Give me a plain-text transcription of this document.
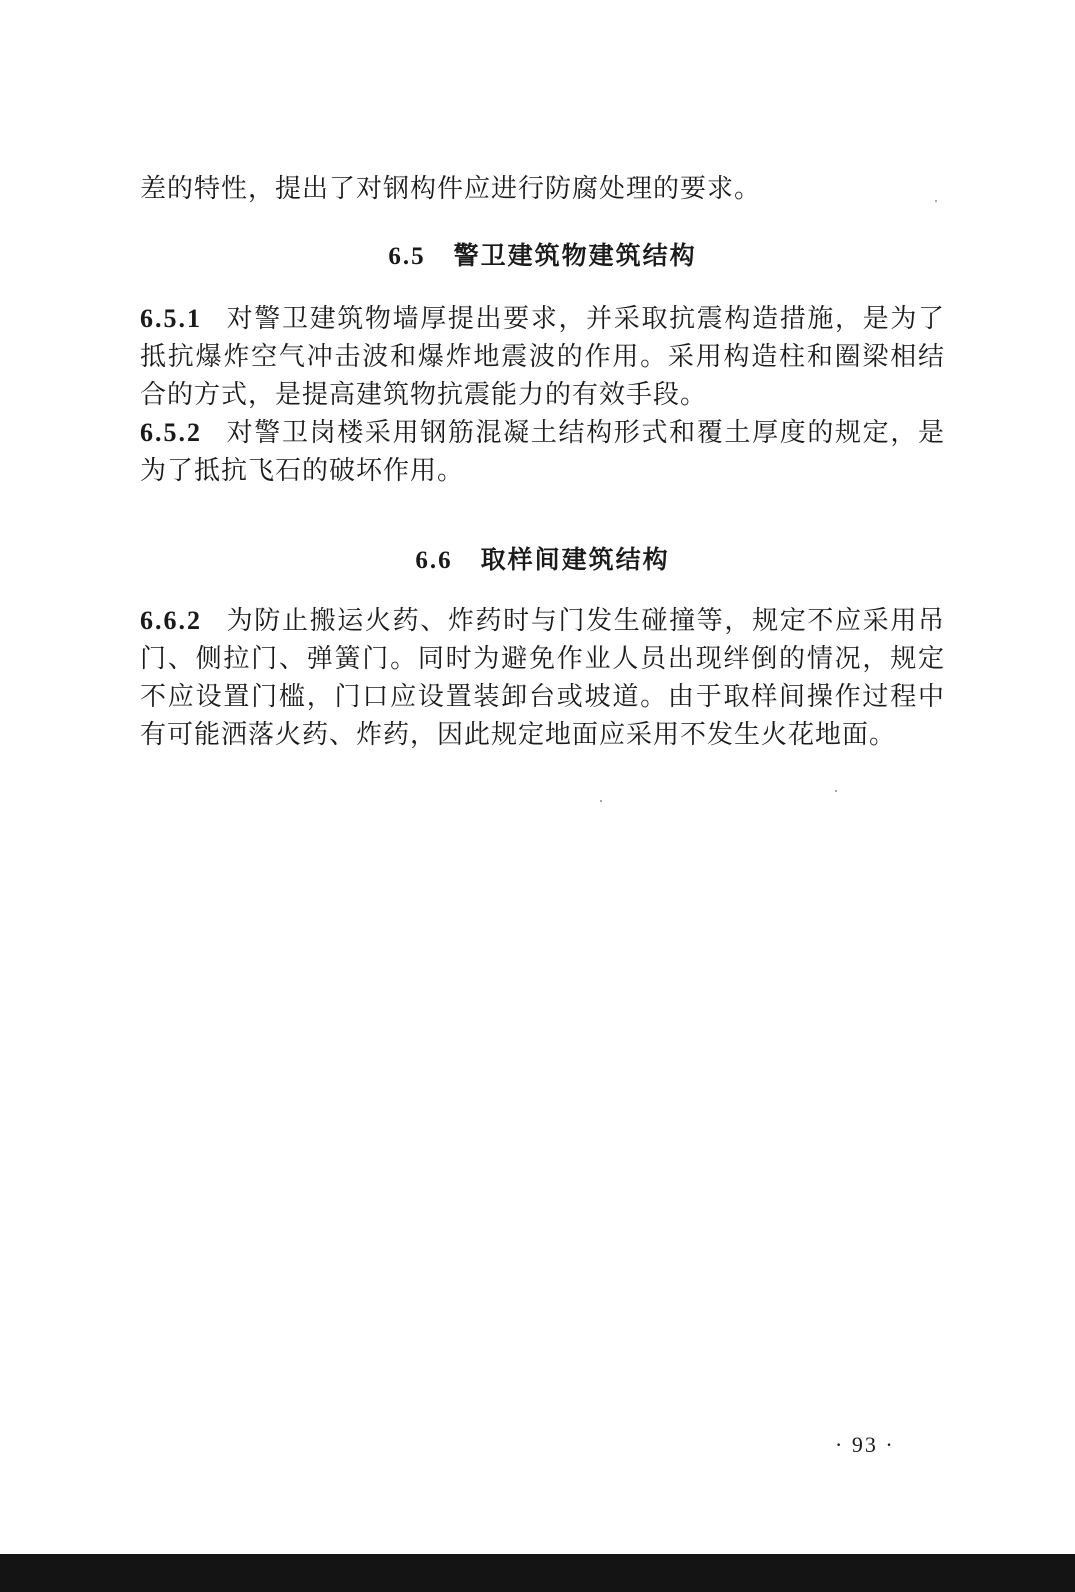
差的特性，提出了对钢构件应进行防腐处理的要求。

6.5 警卫建筑物建筑结构

6.5.1 对警卫建筑物墙厚提出要求，并采取抗震构造措施，是为了抵抗爆炸空气冲击波和爆炸地震波的作用。采用构造柱和圈梁相结合的方式，是提高建筑物抗震能力的有效手段。

6.5.2 对警卫岗楼采用钢筋混凝土结构形式和覆土厚度的规定，是为了抵抗飞石的破坏作用。

6.6 取样间建筑结构

6.6.2 为防止搬运火药、炸药时与门发生碰撞等，规定不应采用吊门、侧拉门、弹簧门。同时为避免作业人员出现绊倒的情况，规定不应设置门槛，门口应设置装卸台或坡道。由于取样间操作过程中有可能洒落火药、炸药，因此规定地面应采用不发生火花地面。

· 93 ·
